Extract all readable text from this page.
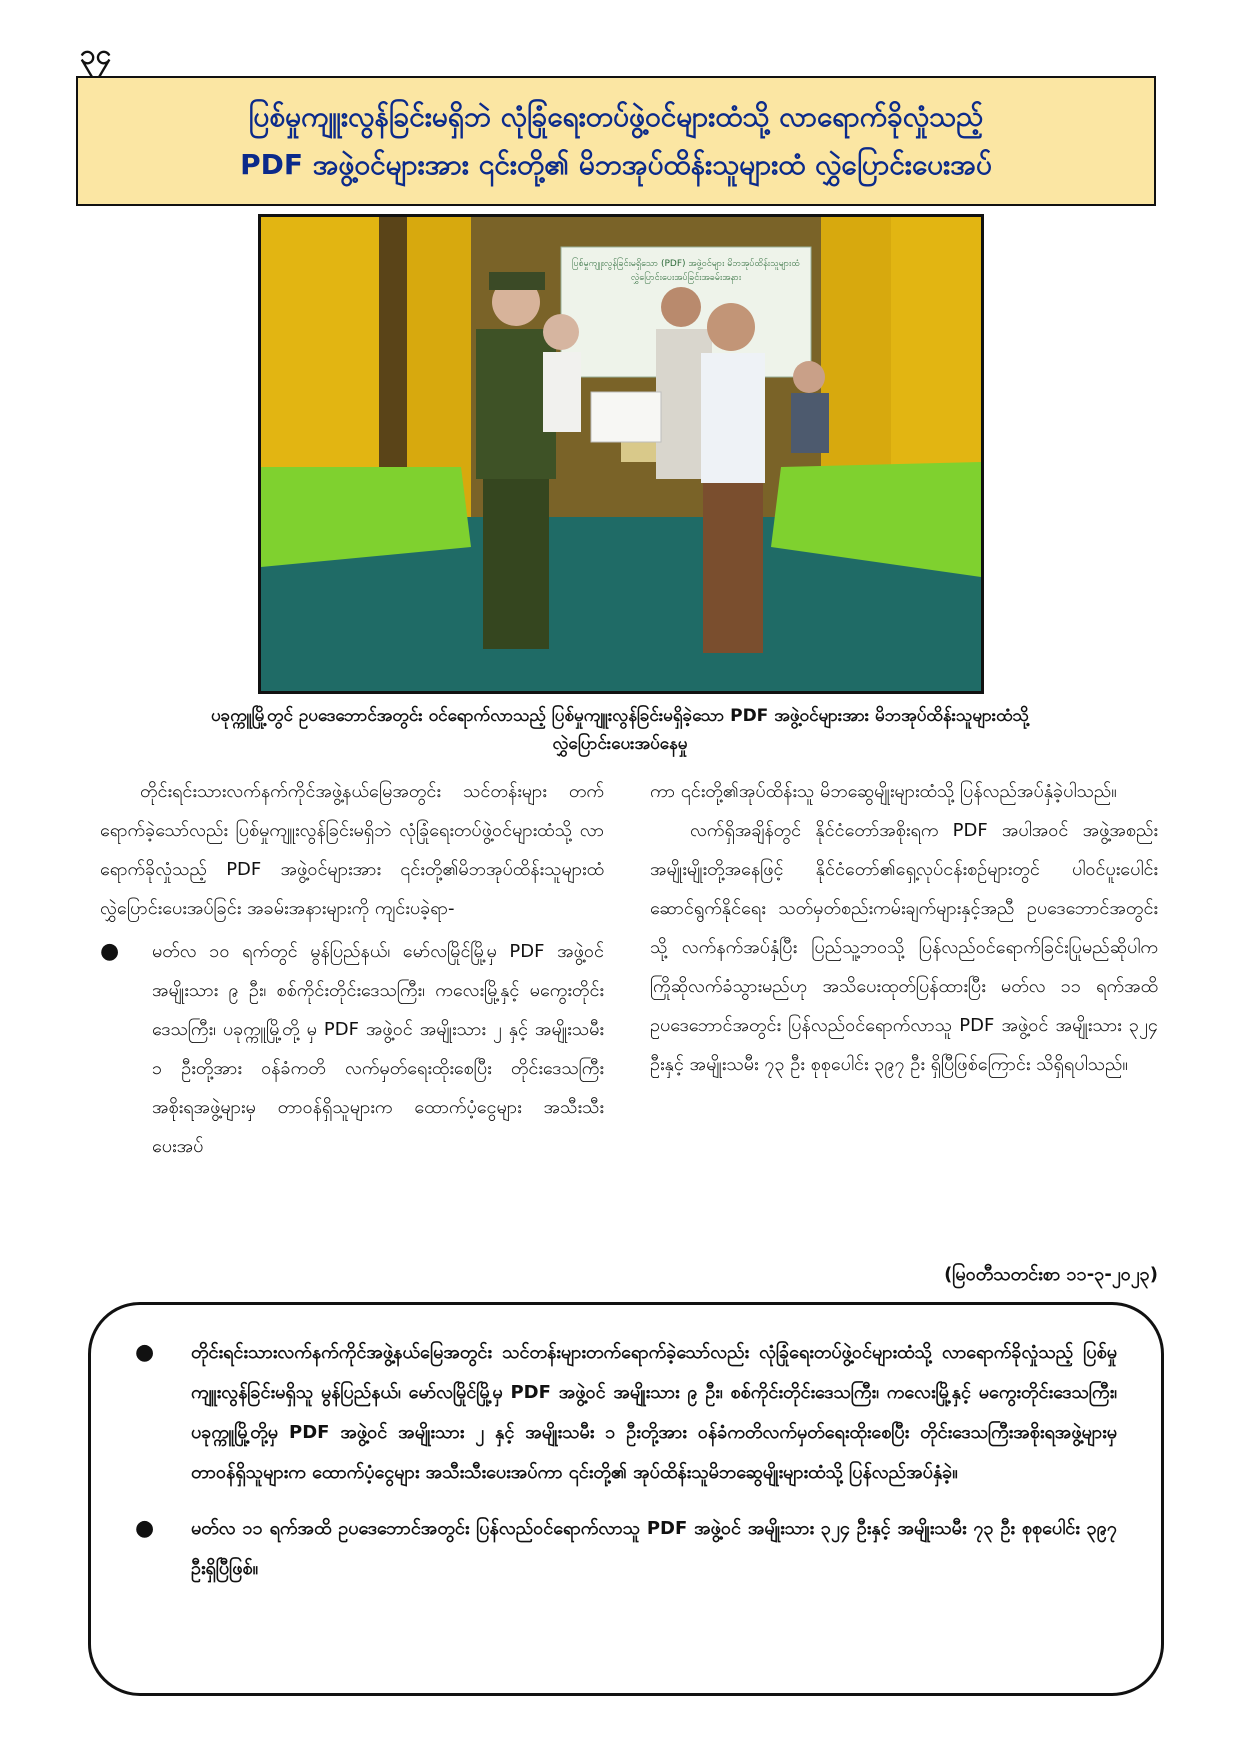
၃၄
ပြစ်မှုကျူးလွန်ခြင်းမရှိဘဲ လုံခြုံရေးတပ်ဖွဲ့ဝင်များထံသို့ လာရောက်ခိုလှုံသည့်
PDF အဖွဲ့ဝင်များအား ၎င်းတို့၏ မိဘအုပ်ထိန်းသူများထံ လွှဲပြောင်းပေးအပ်
ပြစ်မှုကျူးလွန်ခြင်းမရှိသော (PDF) အဖွဲ့ဝင်များ မိဘအုပ်ထိန်းသူများထံ လွှဲပြောင်းပေးအပ်ခြင်းအခမ်းအနား
ပခုက္ကူမြို့တွင် ဥပဒေဘောင်အတွင်း ဝင်ရောက်လာသည့် ပြစ်မှုကျူးလွန်ခြင်းမရှိခဲ့သော PDF အဖွဲ့ဝင်များအား မိဘအုပ်ထိန်းသူများထံသို့
လွှဲပြောင်းပေးအပ်နေမှု

တိုင်းရင်းသားလက်နက်ကိုင်အဖွဲ့နယ်မြေအတွင်း သင်တန်းများ တက်ရောက်ခဲ့သော်လည်း ပြစ်မှုကျူးလွန်ခြင်းမရှိဘဲ လုံခြုံရေးတပ်ဖွဲ့ဝင်များထံသို့ လာရောက်ခိုလှုံသည့် PDF အဖွဲ့ဝင်များအား ၎င်းတို့၏မိဘအုပ်ထိန်းသူများထံ လွှဲပြောင်းပေးအပ်ခြင်း အခမ်းအနားများကို ကျင်းပခဲ့ရာ-

● မတ်လ ၁၀ ရက်တွင် မွန်ပြည်နယ်၊ မော်လမြိုင်မြို့မှ PDF အဖွဲ့ဝင် အမျိုးသား ၉ ဦး၊ စစ်ကိုင်းတိုင်းဒေသကြီး၊ ကလေးမြို့နှင့် မကွေးတိုင်းဒေသကြီး၊ ပခုက္ကူမြို့တို့ မှ PDF အဖွဲ့ဝင် အမျိုးသား ၂ နှင့် အမျိုးသမီး ၁ ဦးတို့အား ဝန်ခံကတိ လက်မှတ်ရေးထိုးစေပြီး တိုင်းဒေသကြီးအစိုးရအဖွဲ့များမှ တာဝန်ရှိသူများက ထောက်ပံ့ငွေများ အသီးသီးပေးအပ်

ကာ ၎င်းတို့၏အုပ်ထိန်းသူ မိဘဆွေမျိုးများထံသို့ ပြန်လည်အပ်နှံခဲ့ပါသည်။

လက်ရှိအချိန်တွင် နိုင်ငံတော်အစိုးရက PDF အပါအဝင် အဖွဲ့အစည်းအမျိုးမျိုးတို့အနေဖြင့် နိုင်ငံတော်၏ရှေ့လုပ်ငန်းစဉ်များတွင် ပါဝင်ပူးပေါင်းဆောင်ရွက်နိုင်ရေး သတ်မှတ်စည်းကမ်းချက်များနှင့်အညီ ဥပဒေဘောင်အတွင်းသို့ လက်နက်အပ်နှံပြီး ပြည်သူ့ဘဝသို့ ပြန်လည်ဝင်ရောက်ခြင်းပြုမည်ဆိုပါက ကြိုဆိုလက်ခံသွားမည်ဟု အသိပေးထုတ်ပြန်ထားပြီး မတ်လ ၁၁ ရက်အထိ ဥပဒေဘောင်အတွင်း ပြန်လည်ဝင်ရောက်လာသူ PDF အဖွဲ့ဝင် အမျိုးသား ၃၂၄ ဦးနှင့် အမျိုးသမီး ၇၃ ဦး စုစုပေါင်း ၃၉၇ ဦး ရှိပြီဖြစ်ကြောင်း သိရှိရပါသည်။

(မြဝတီသတင်းစာ ၁၁-၃-၂၀၂၃)
● တိုင်းရင်းသားလက်နက်ကိုင်အဖွဲ့နယ်မြေအတွင်း သင်တန်းများတက်ရောက်ခဲ့သော်လည်း လုံခြုံရေးတပ်ဖွဲ့ဝင်များထံသို့ လာရောက်ခိုလှုံသည့် ပြစ်မှုကျူးလွန်ခြင်းမရှိသူ မွန်ပြည်နယ်၊ မော်လမြိုင်မြို့မှ PDF အဖွဲ့ဝင် အမျိုးသား ၉ ဦး၊ စစ်ကိုင်းတိုင်းဒေသကြီး၊ ကလေးမြို့နှင့် မကွေးတိုင်းဒေသကြီး၊ ပခုက္ကူမြို့တို့မှ PDF အဖွဲ့ဝင် အမျိုးသား ၂ နှင့် အမျိုးသမီး ၁ ဦးတို့အား ဝန်ခံကတိလက်မှတ်ရေးထိုးစေပြီး တိုင်းဒေသကြီးအစိုးရအဖွဲ့များမှ တာဝန်ရှိသူများက ထောက်ပံ့ငွေများ အသီးသီးပေးအပ်ကာ ၎င်းတို့၏ အုပ်ထိန်းသူမိဘဆွေမျိုးများထံသို့ ပြန်လည်အပ်နှံခဲ့။
● မတ်လ ၁၁ ရက်အထိ ဥပဒေဘောင်အတွင်း ပြန်လည်ဝင်ရောက်လာသူ PDF အဖွဲ့ဝင် အမျိုးသား ၃၂၄ ဦးနှင့် အမျိုးသမီး ၇၃ ဦး စုစုပေါင်း ၃၉၇ ဦးရှိပြီဖြစ်။
